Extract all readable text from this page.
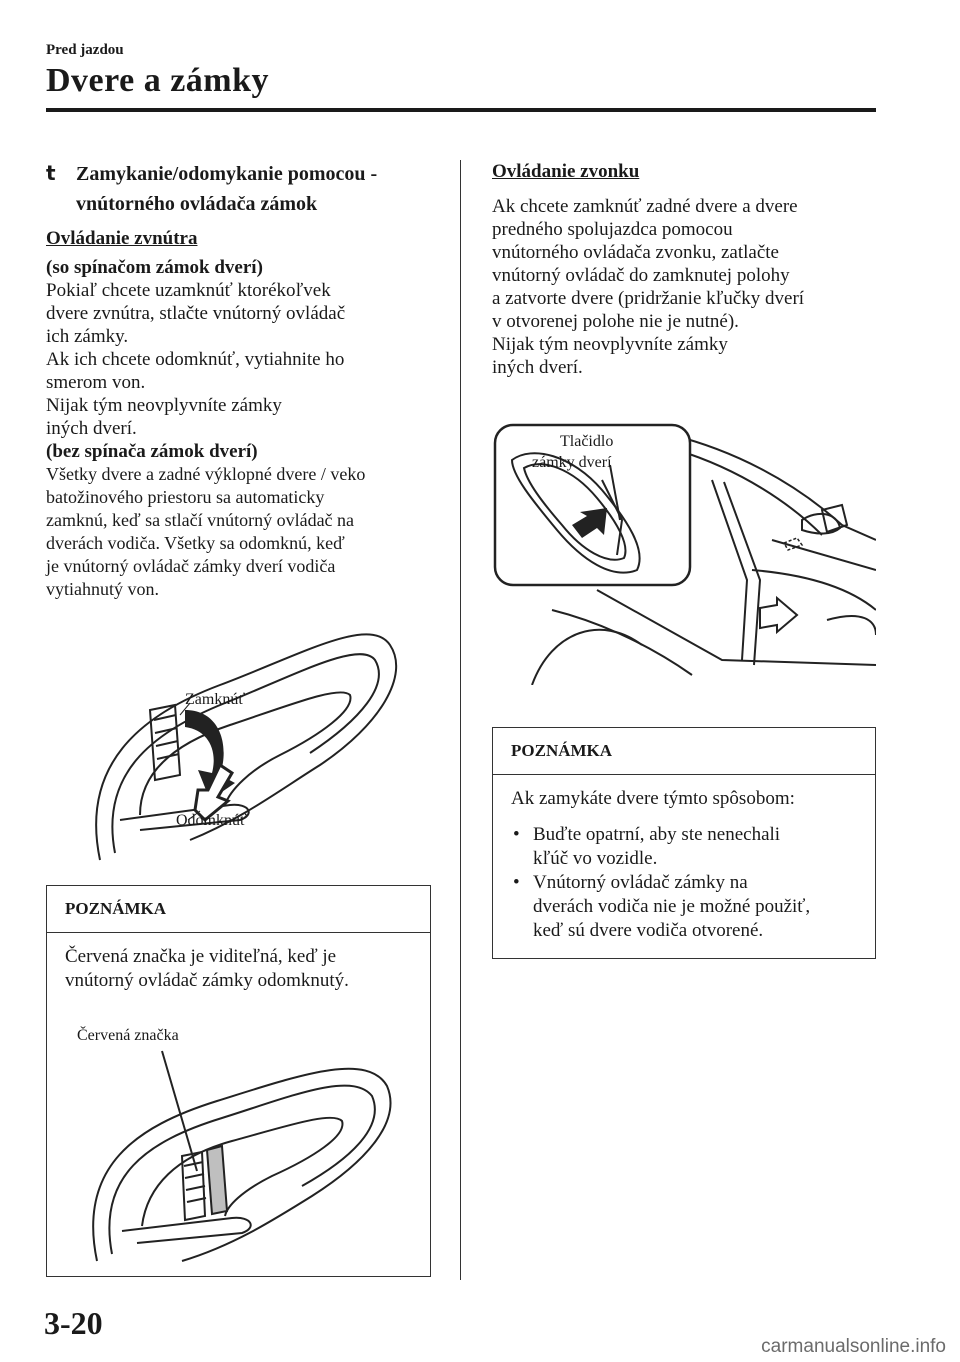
Pred jazdou
Dvere a zámky
t Zamykanie/odomykanie pomocou -
vnútorného ovládača zámok
Ovládanie zvnútra
(so spínačom zámok dverí)

Pokiaľ chcete uzamknúť ktorékoľvek

dvere zvnútra, stlačte vnútorný ovládač

ich zámky.

Ak ich chcete odomknúť, vytiahnite ho

smerom von.

Nijak tým neovplyvníte zámky

iných dverí.

(bez spínača zámok dverí)

Všetky dvere a zadné výklopné dvere / veko

batožinového priestoru sa automaticky

zamknú, keď sa stlačí vnútorný ovládač na

dverách vodiča. Všetky sa odomknú, keď

je vnútorný ovládač zámky dverí vodiča

vytiahnutý von.

Zamknúť
Odomknúť
POZNÁMKA

Červená značka je viditeľná, keď je

vnútorný ovládač zámky odomknutý.

Červená značka
Ovládanie zvonku

Ak chcete zamknúť zadné dvere a dvere

predného spolujazdca pomocou

vnútorného ovládača zvonku, zatlačte

vnútorný ovládač do zamknutej polohy

a zatvorte dvere (pridržanie kľučky dverí

v otvorenej polohe nie je nutné).

Nijak tým neovplyvníte zámky

iných dverí.

Tlačidlo
zámky dverí
POZNÁMKA

Ak zamykáte dvere týmto spôsobom:

• Buďte opatrní, aby ste nenechali
kľúč vo vozidle.
• Vnútorný ovládač zámky na
dverách vodiča nie je možné použiť,
keď sú dvere vodiča otvorené.
3-20
carmanualsonline.info
